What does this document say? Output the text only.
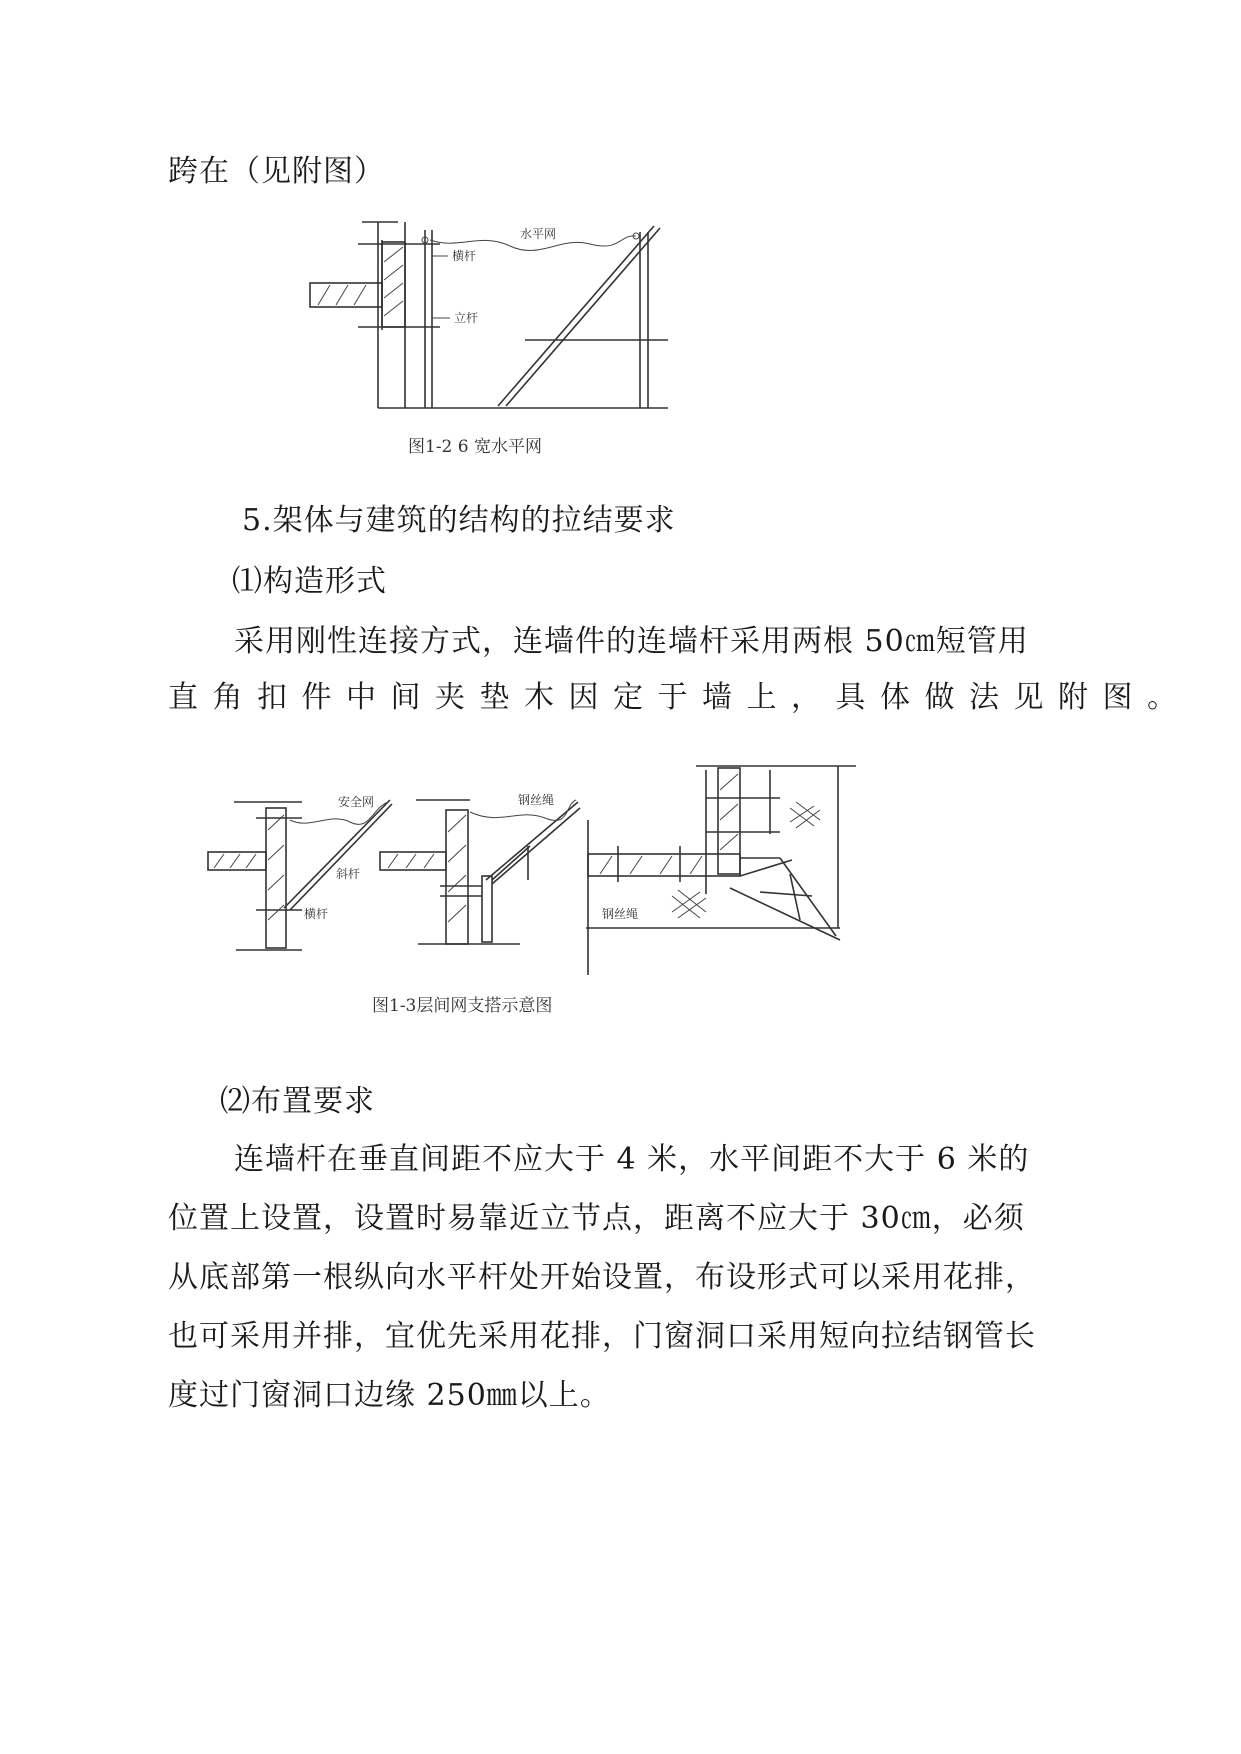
跨在（见附图）
水平网
横杆
立杆
图1-2 6 宽水平网
5.架体与建筑的结构的拉结要求
⑴构造形式
采用刚性连接方式，连墙件的连墙杆采用两根 50㎝短管用
直角扣件中间夹垫木因定于墙上，具体做法见附图。
安全网
斜杆
横杆
钢丝绳
钢丝绳
图1-3层间网支搭示意图
⑵布置要求
连墙杆在垂直间距不应大于 4 米，水平间距不大于 6 米的
位置上设置，设置时易靠近立节点，距离不应大于 30㎝，必须
从底部第一根纵向水平杆处开始设置，布设形式可以采用花排，
也可采用并排，宜优先采用花排，门窗洞口采用短向拉结钢管长
度过门窗洞口边缘 250㎜以上。
